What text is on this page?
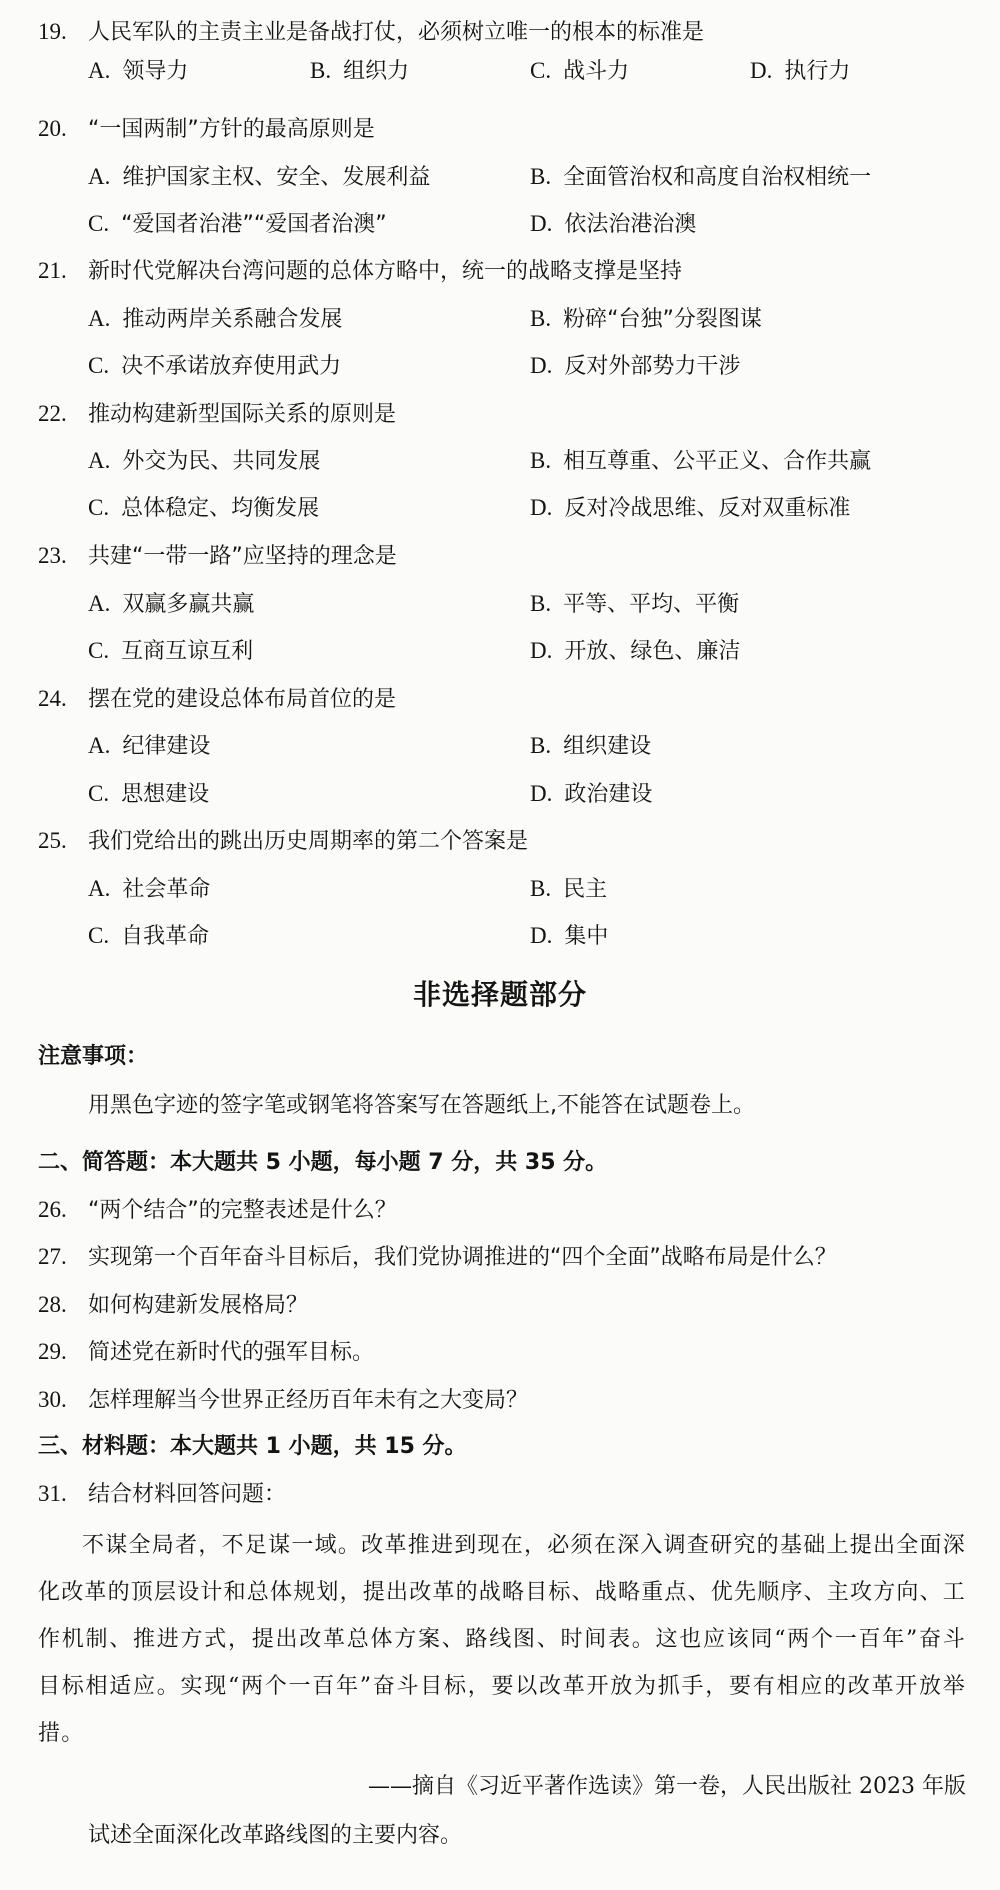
19. 人民军队的主责主业是备战打仗，必须树立唯一的根本的标准是
A. 领导力	B. 组织力	C. 战斗力	D. 执行力
20. “一国两制”方针的最高原则是
A. 维护国家主权、安全、发展利益	B. 全面管治权和高度自治权相统一
C. “爱国者治港”“爱国者治澳”	D. 依法治港治澳
21. 新时代党解决台湾问题的总体方略中，统一的战略支撑是坚持
A. 推动两岸关系融合发展	B. 粉碎“台独”分裂图谋
C. 决不承诺放弃使用武力	D. 反对外部势力干涉
22. 推动构建新型国际关系的原则是
A. 外交为民、共同发展	B. 相互尊重、公平正义、合作共赢
C. 总体稳定、均衡发展	D. 反对冷战思维、反对双重标准
23. 共建“一带一路”应坚持的理念是
A. 双赢多赢共赢	B. 平等、平均、平衡
C. 互商互谅互利	D. 开放、绿色、廉洁
24. 摆在党的建设总体布局首位的是
A. 纪律建设	B. 组织建设
C. 思想建设	D. 政治建设
25. 我们党给出的跳出历史周期率的第二个答案是
A. 社会革命	B. 民主
C. 自我革命	D. 集中
非选择题部分
注意事项：
用黑色字迹的签字笔或钢笔将答案写在答题纸上,不能答在试题卷上。
二、简答题：本大题共 5 小题，每小题 7 分，共 35 分。
26. “两个结合”的完整表述是什么？
27. 实现第一个百年奋斗目标后，我们党协调推进的“四个全面”战略布局是什么？
28. 如何构建新发展格局？
29. 简述党在新时代的强军目标。
30. 怎样理解当今世界正经历百年未有之大变局？
三、材料题：本大题共 1 小题，共 15 分。
31. 结合材料回答问题：
不谋全局者，不足谋一域。改革推进到现在，必须在深入调查研究的基础上提出全面深化改革的顶层设计和总体规划，提出改革的战略目标、战略重点、优先顺序、主攻方向、工作机制、推进方式，提出改革总体方案、路线图、时间表。这也应该同“两个一百年”奋斗目标相适应。实现“两个一百年”奋斗目标，要以改革开放为抓手，要有相应的改革开放举措。
——摘自《习近平著作选读》第一卷，人民出版社 2023 年版
试述全面深化改革路线图的主要内容。
